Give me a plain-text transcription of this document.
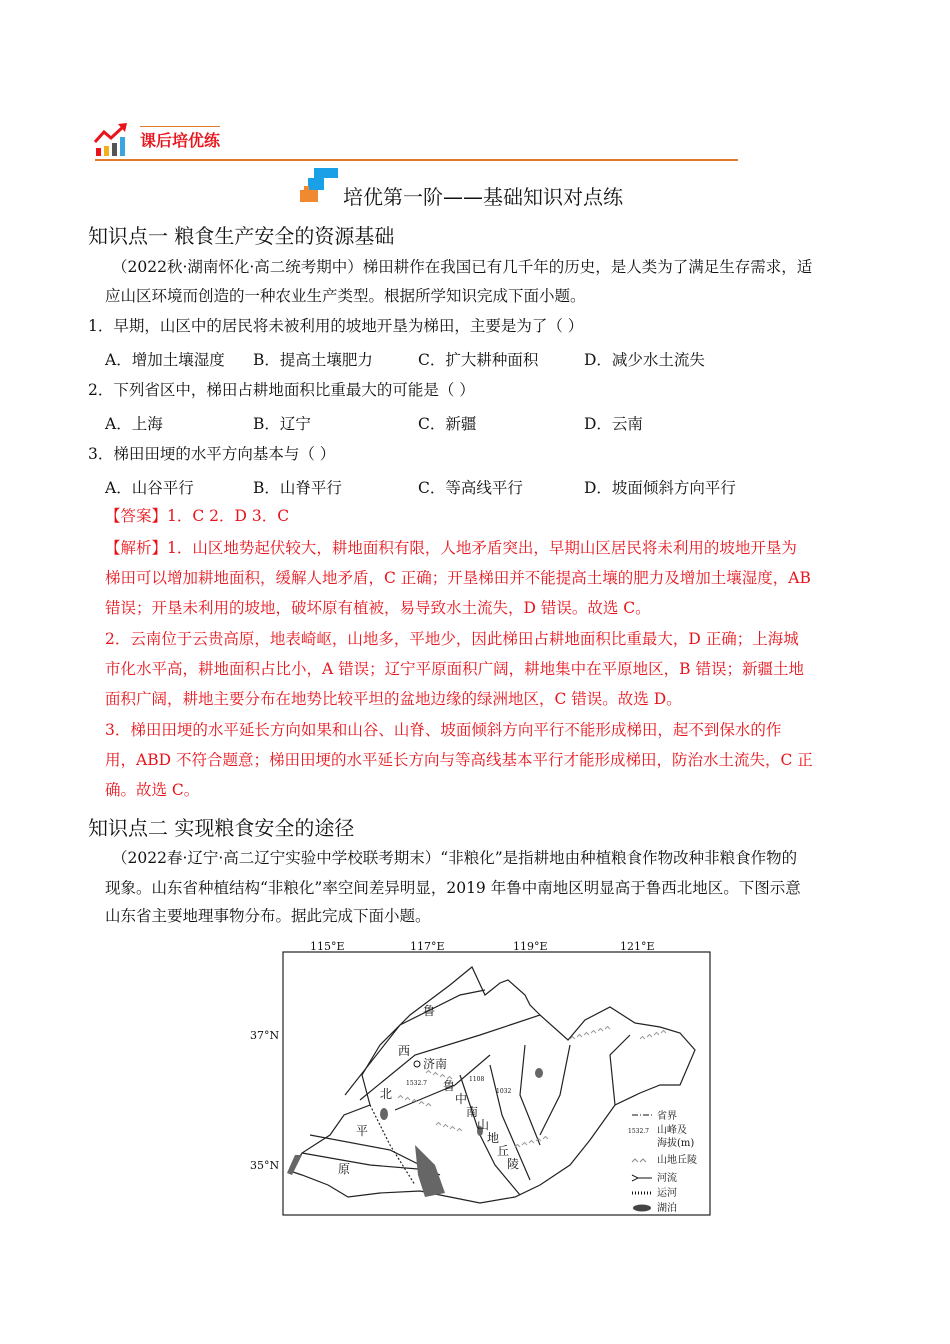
课后培优练
培优第一阶——基础知识对点练
知识点一 粮食生产安全的资源基础
（2022秋·湖南怀化·高二统考期中）梯田耕作在我国已有几千年的历史，是人类为了满足生存需求，适
应山区环境而创造的一种农业生产类型。根据所学知识完成下面小题。
1．早期，山区中的居民将未被利用的坡地开垦为梯田，主要是为了（ ）
A．增加土壤湿度 B．提高土壤肥力	C．扩大耕种面积	D．减少水土流失
2．下列省区中，梯田占耕地面积比重最大的可能是（ ）
A．上海	B．辽宁	C．新疆	D．云南
3．梯田田埂的水平方向基本与（ ）
A．山谷平行	B．山脊平行	C．等高线平行	D．坡面倾斜方向平行
【答案】1．C 2．D 3．C
【解析】1．山区地势起伏较大，耕地面积有限，人地矛盾突出，早期山区居民将未利用的坡地开垦为
梯田可以增加耕地面积，缓解人地矛盾，C 正确；开垦梯田并不能提高土壤的肥力及增加土壤湿度，AB
错误；开垦未利用的坡地，破坏原有植被，易导致水土流失，D 错误。故选 C。
2．云南位于云贵高原，地表崎岖，山地多，平地少，因此梯田占耕地面积比重最大，D 正确；上海城
市化水平高，耕地面积占比小，A 错误；辽宁平原面积广阔，耕地集中在平原地区，B 错误；新疆土地
面积广阔，耕地主要分布在地势比较平坦的盆地边缘的绿洲地区，C 错误。故选 D。
3．梯田田埂的水平延长方向如果和山谷、山脊、坡面倾斜方向平行不能形成梯田，起不到保水的作
用，ABD 不符合题意；梯田田埂的水平延长方向与等高线基本平行才能形成梯田，防治水土流失，C 正
确。故选 C。
知识点二 实现粮食安全的途径
（2022春·辽宁·高二辽宁实验中学校联考期末）“非粮化”是指耕地由种植粮食作物改种非粮食作物的
现象。山东省种植结构“非粮化”率空间差异明显，2019 年鲁中南地区明显高于鲁西北地区。下图示意
山东省主要地理事物分布。据此完成下面小题。
115°E	117°E	119°E	121°E
37°N
35°N
济南
鲁
西
北
平
原
鲁
中
南
山
地
丘
陵
1532.7
1108
1032
省界
1532.7 山峰及
海拔(m)
山地丘陵
河流
运河
湖泊
